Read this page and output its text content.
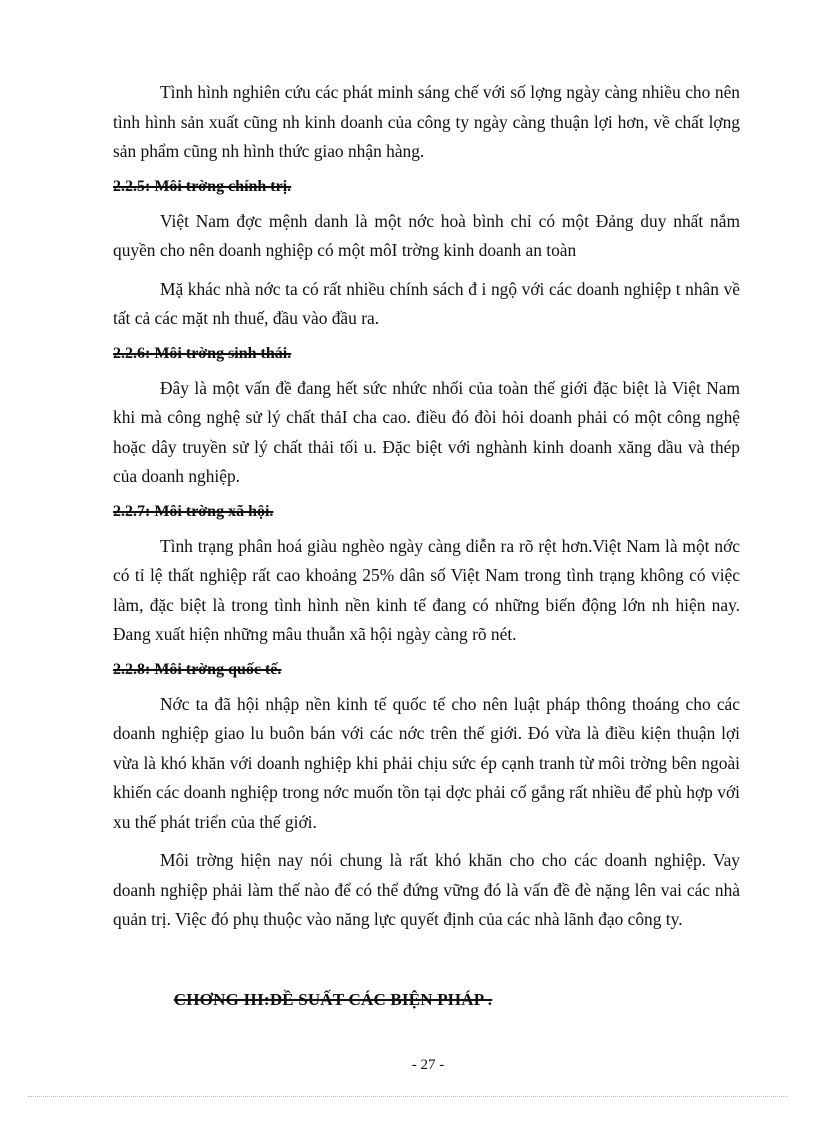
Tình hình nghiên cứu các phát minh sáng chế với số lợng ngày càng nhiều cho nên tình hình sản xuất cũng nh kinh doanh của công ty ngày càng thuận lợi hơn, về chất lợng sản phẩm cũng nh hình thức giao nhận hàng.

2.2.5: Môi trờng chính trị.

Việt Nam đợc mệnh danh là một nớc hoà bình chỉ có một Đảng duy nhất nắm quyền cho nên doanh nghiệp có một môI trờng kinh doanh an toàn

Mặ khác nhà nớc ta có rất nhiều chính sách đ i ngộ với các doanh nghiệp t nhân về tất cả các mặt nh thuế, đầu vào đầu ra.

2.2.6: Môi trờng sinh thái.

Đây là một vấn đề đang hết sức nhức nhối của toàn thế giới đặc biệt là Việt Nam khi mà công nghệ sử lý chất thảI cha cao. điều đó đòi hỏi doanh phải có một công nghệ hoặc dây truyền sử lý chất thải tối u. Đặc biệt với nghành kinh doanh xăng dầu và thép của doanh nghiệp.

2.2.7: Môi trờng xã hội.

Tình trạng phân hoá giàu nghèo ngày càng diễn ra rõ rệt hơn.Việt Nam là một nớc có tỉ lệ thất nghiệp rất cao khoảng 25% dân số Việt Nam trong tình trạng không có việc làm, đặc biệt là trong tình hình nền kinh tế đang có những biến động lớn nh hiện nay. Đang xuất hiện những mâu thuẫn xã hội ngày càng rõ nét.

2.2.8: Môi trờng quốc tế.

Nớc ta đã hội nhập nền kinh tế quốc tế cho nên luật pháp thông thoáng cho các doanh nghiệp giao lu buôn bán với các nớc trên thế giới. Đó vừa là điều kiện thuận lợi vừa là khó khăn với doanh nghiệp khi phải chịu sức ép cạnh tranh từ môi trờng bên ngoài khiến các doanh nghiệp trong nớc muốn tồn tại dợc phải cố gắng rất nhiều để phù hợp với xu thế phát triển của thế giới.

Môi trờng hiện nay nói chung là rất khó khăn cho cho các doanh nghiệp. Vay doanh nghiệp phải làm thế nào để có thể đứng vững đó là vấn đề đè nặng lên vai các nhà quản trị. Việc đó phụ thuộc vào năng lực quyết định của các nhà lãnh đạo công ty.

CHƠNG III:ĐỀ SUẤT CÁC BIỆN PHÁP .
- 27 -
